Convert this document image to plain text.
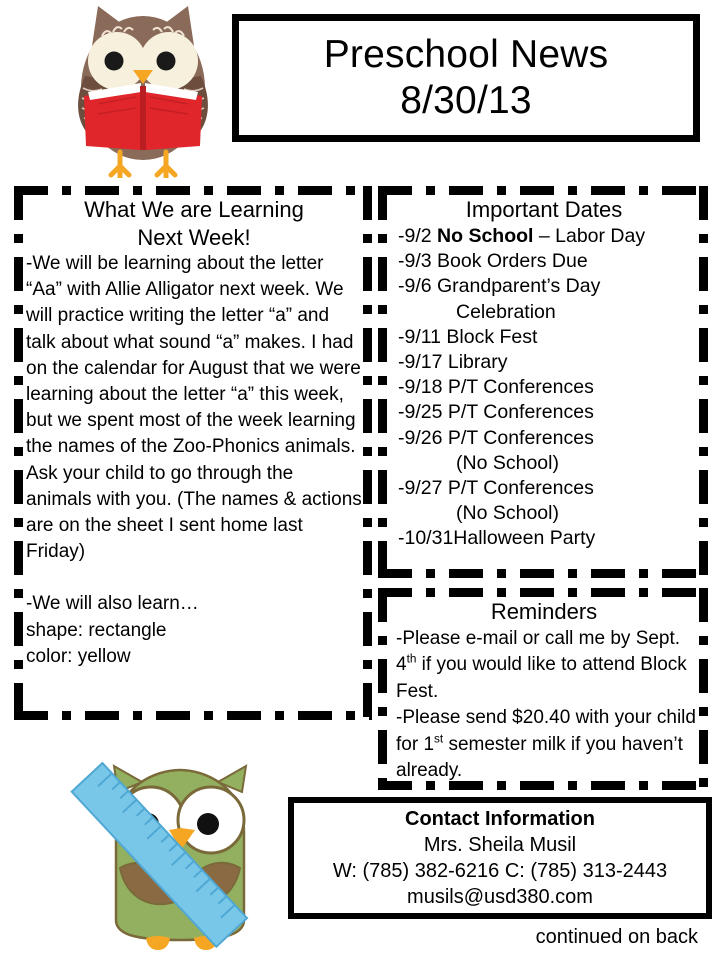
Preschool News
8/30/13
What We are Learning
Next Week!

-We will be learning about the letter “Aa” with Allie Alligator next week. We will practice writing the letter “a” and talk about what sound “a” makes. I had on the calendar for August that we were learning about the letter “a” this week, but we spent most of the week learning the names of the Zoo-Phonics animals. Ask your child to go through the animals with you. (The names & actions are on the sheet I sent home last Friday)

-We will also learn…

shape: rectangle

color: yellow

Important Dates
-9/2 No School – Labor Day
-9/3 Book Orders Due
-9/6 Grandparent’s Day
Celebration
-9/11 Block Fest
-9/17 Library
-9/18 P/T Conferences
-9/25 P/T Conferences
-9/26 P/T Conferences
(No School)
-9/27 P/T Conferences
(No School)
-10/31Halloween Party
Reminders

-Please e-mail or call me by Sept. 4th if you would like to attend Block Fest.

-Please send $20.40 with your child for 1st semester milk if you haven’t already.

Contact Information
Mrs. Sheila Musil
W: (785) 382-6216 C: (785) 313-2443
musils@usd380.com
continued on back
